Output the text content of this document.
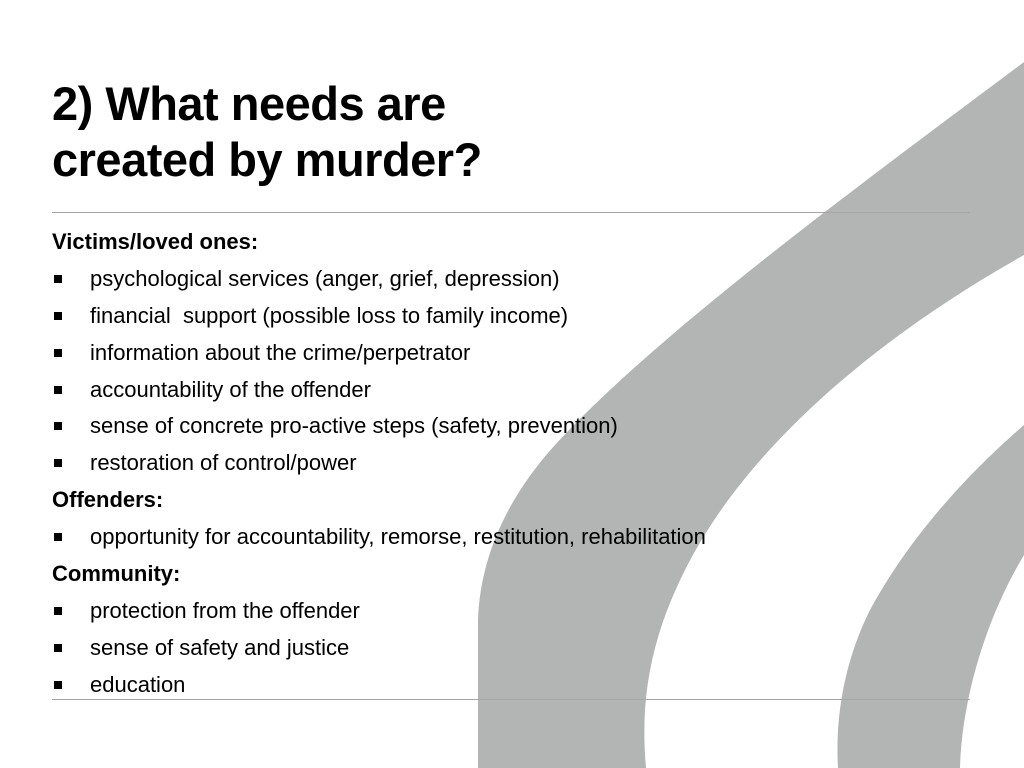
2) What needs are
created by murder?
Victims/loved ones:
psychological services (anger, grief, depression)
financial  support (possible loss to family income)
information about the crime/perpetrator
accountability of the offender
sense of concrete pro-active steps (safety, prevention)
restoration of control/power
Offenders:
opportunity for accountability, remorse, restitution, rehabilitation
Community:
protection from the offender
sense of safety and justice
education
